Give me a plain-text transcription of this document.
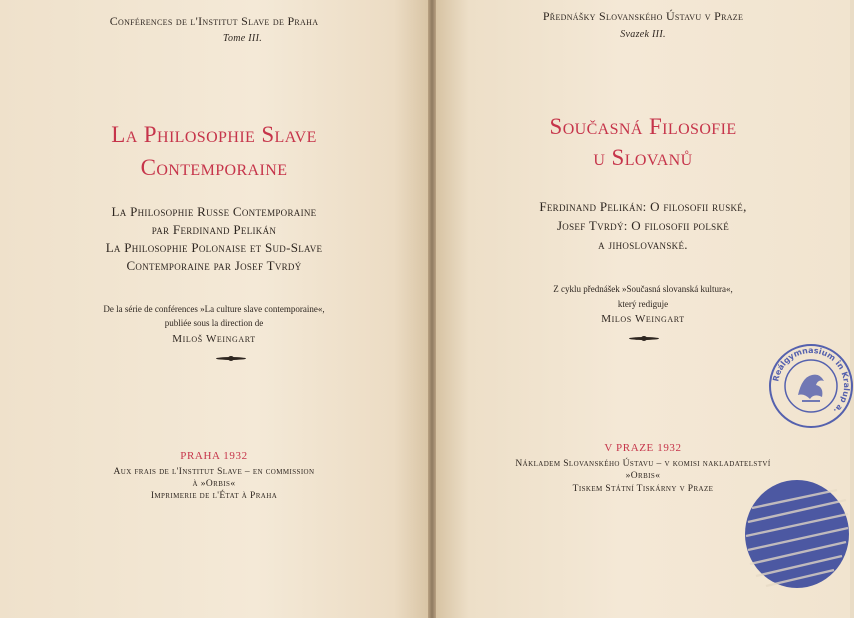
Conférences de l'Institut Slave de Praha
Tome III.
La Philosophie Slave
Contemporaine
La Philosophie Russe Contemporaine
par Ferdinand Pelikán
La Philosophie Polonaise et Sud-Slave
Contemporaine par Josef Tvrdý
De la série de conférences »La culture slave contemporaine«,
publiée sous la direction de
Miloš Weingart
PRAHA 1932
Aux frais de l'Institut Slave – en commission
à »Orbis«
Imprimerie de l'État à Praha
Přednášky Slovanského Ústavu v Praze
Svazek III.
Současná Filosofie
u Slovanů
Ferdinand Pelikán: O filosofii ruské,
Josef Tvrdý: O filosofii polské
a jihoslovanské.
Z cyklu přednášek »Současná slovanská kultura«,
který rediguje
Milos Weingart
V PRAZE 1932
Nákladem Slovanského Ústavu – v komisi nakladatelství
»Orbis«
Tiskem Státní Tiskárny v Praze
Reálgymnasium in Kralup a.
